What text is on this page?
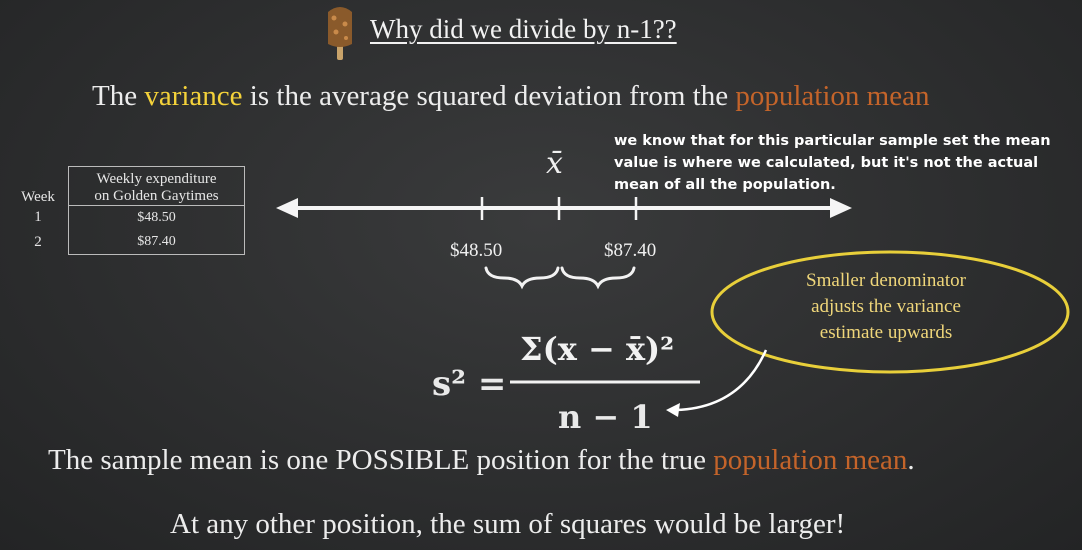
Why did we divide by n-1??
The variance is the average squared deviation from the population mean
we know that for this particular sample set the mean value is where we calculated, but it's not the actual mean of all the population.
Week	Weekly expenditure
on Golden Gaytimes

1	$48.50
2	$87.40
x̄
$48.50	$87.40
Smaller denominator
adjusts the variance
estimate upwards
s² =
Σ(x − x̄)²
n − 1
The sample mean is one POSSIBLE position for the true population mean.
At any other position, the sum of squares would be larger!
